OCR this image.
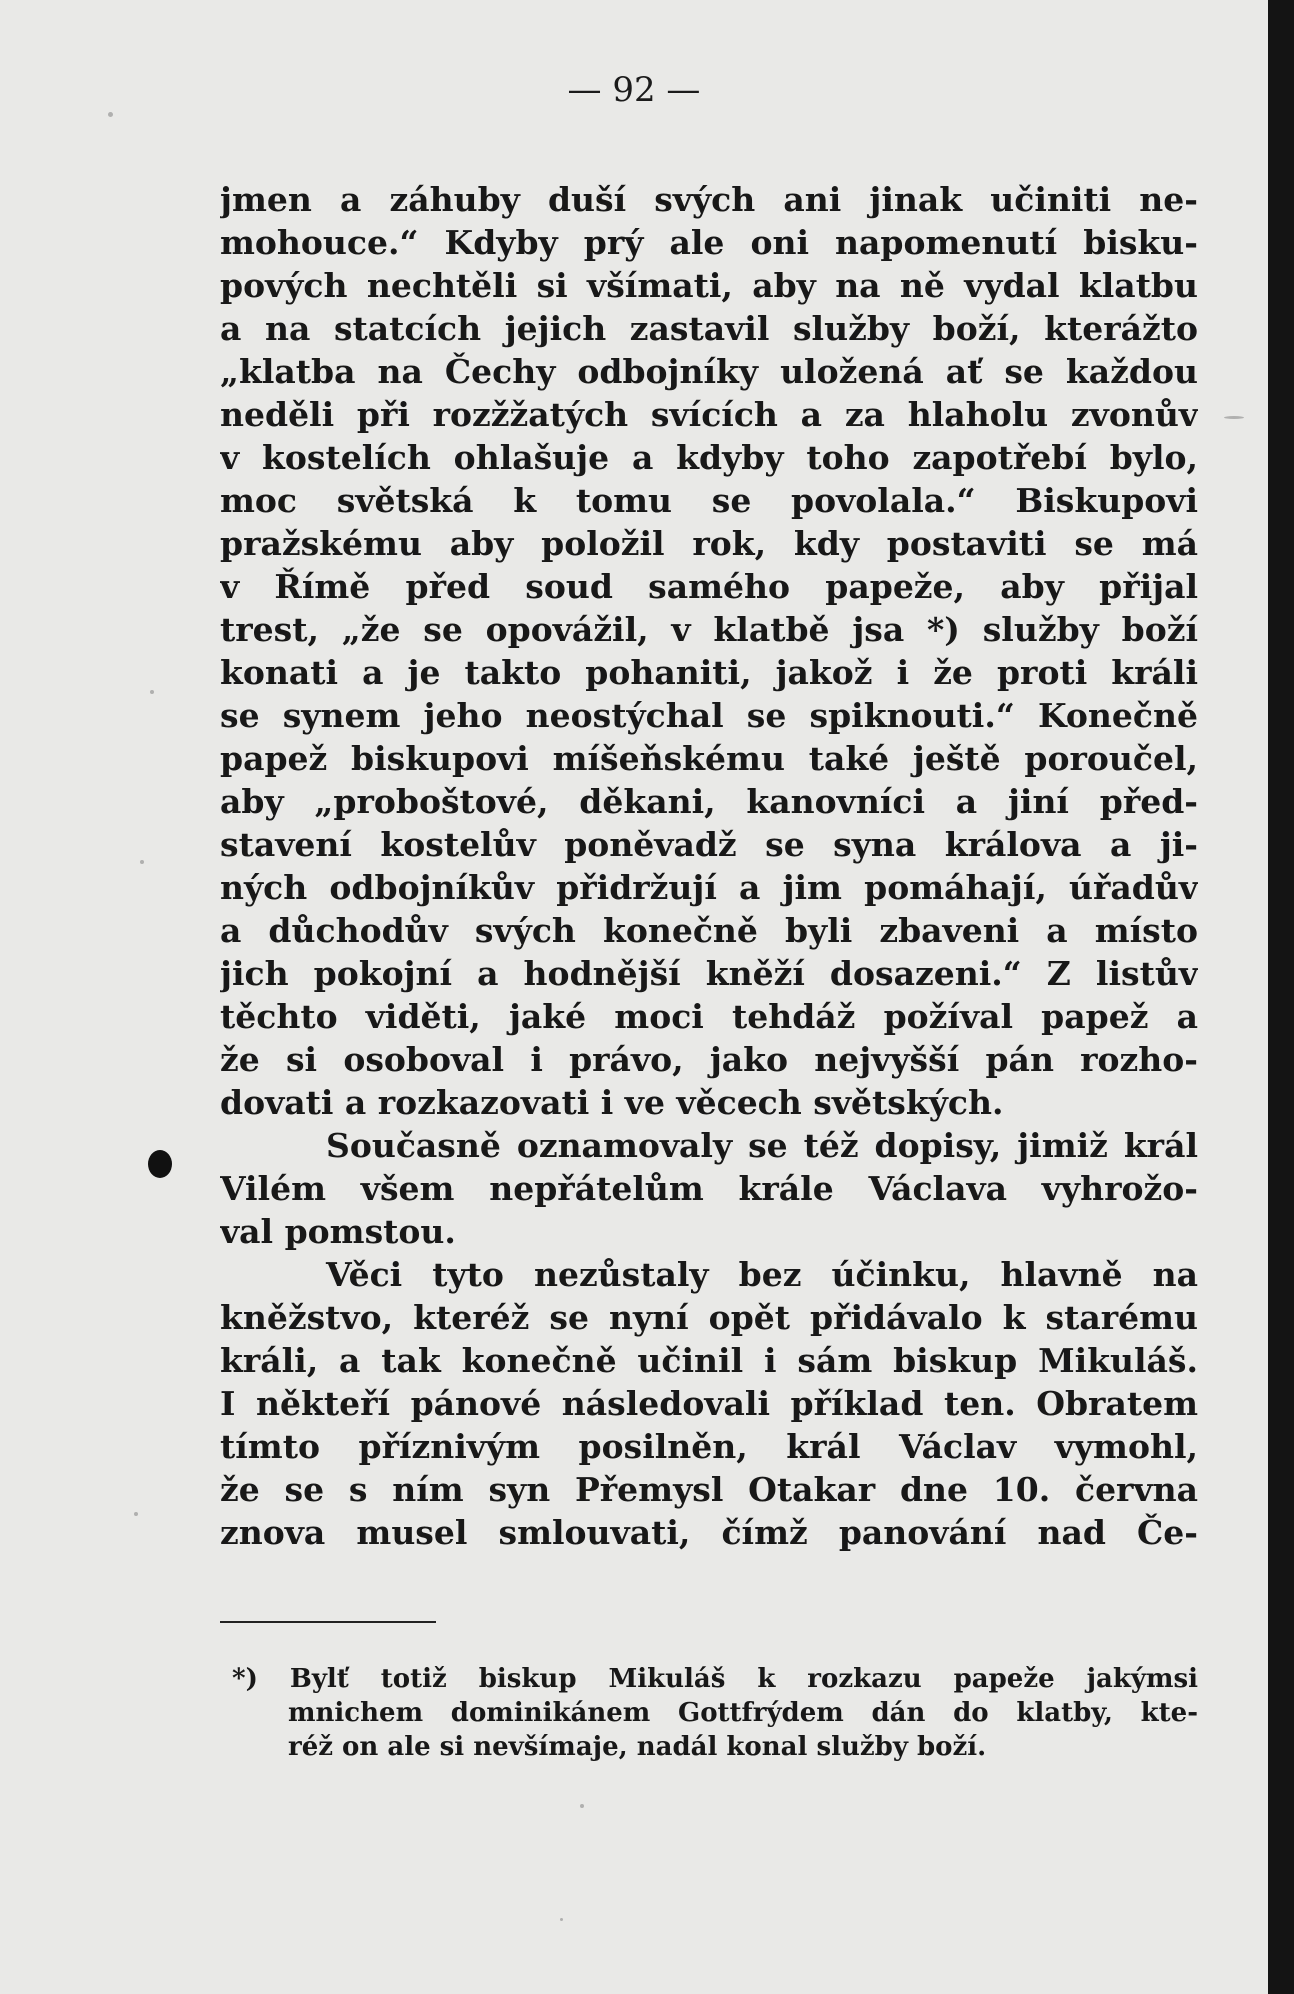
— 92 —
jmen a záhuby duší svých ani jinak učiniti ne-
mohouce.“ Kdyby prý ale oni napomenutí bisku-
pových nechtěli si všímati, aby na ně vydal klatbu
a na statcích jejich zastavil služby boží, kterážto
„klatba na Čechy odbojníky uložená ať se každou
neděli při rozžžatých svících a za hlaholu zvonův
v kostelích ohlašuje a kdyby toho zapotřebí bylo,
moc světská k tomu se povolala.“ Biskupovi
pražskému aby položil rok, kdy postaviti se má
v Římě před soud samého papeže, aby přijal
trest, „že se opovážil, v klatbě jsa *) služby boží
konati a je takto pohaniti, jakož i že proti králi
se synem jeho neostýchal se spiknouti.“ Konečně
papež biskupovi míšeňskému také ještě poroučel,
aby „proboštové, děkani, kanovníci a jiní před-
stavení kostelův poněvadž se syna králova a ji-
ných odbojníkův přidržují a jim pomáhají, úřadův
a důchodův svých konečně byli zbaveni a místo
jich pokojní a hodnější kněží dosazeni.“ Z listův
těchto viděti, jaké moci tehdáž požíval papež a
že si osoboval i právo, jako nejvyšší pán rozho-
dovati a rozkazovati i ve věcech světských.
Současně oznamovaly se též dopisy, jimiž král
Vilém všem nepřátelům krále Václava vyhrožo-
val pomstou.
Věci tyto nezůstaly bez účinku, hlavně na
kněžstvo, kteréž se nyní opět přidávalo k starému
králi, a tak konečně učinil i sám biskup Mikuláš.
I někteří pánové následovali příklad ten. Obratem
tímto příznivým posilněn, král Václav vymohl,
že se s ním syn Přemysl Otakar dne 10. června
znova musel smlouvati, čímž panování nad Če-
*) Bylť totiž biskup Mikuláš k rozkazu papeže jakýmsi
mnichem dominikánem Gottfrýdem dán do klatby, kte-
réž on ale si nevšímaje, nadál konal služby boží.
